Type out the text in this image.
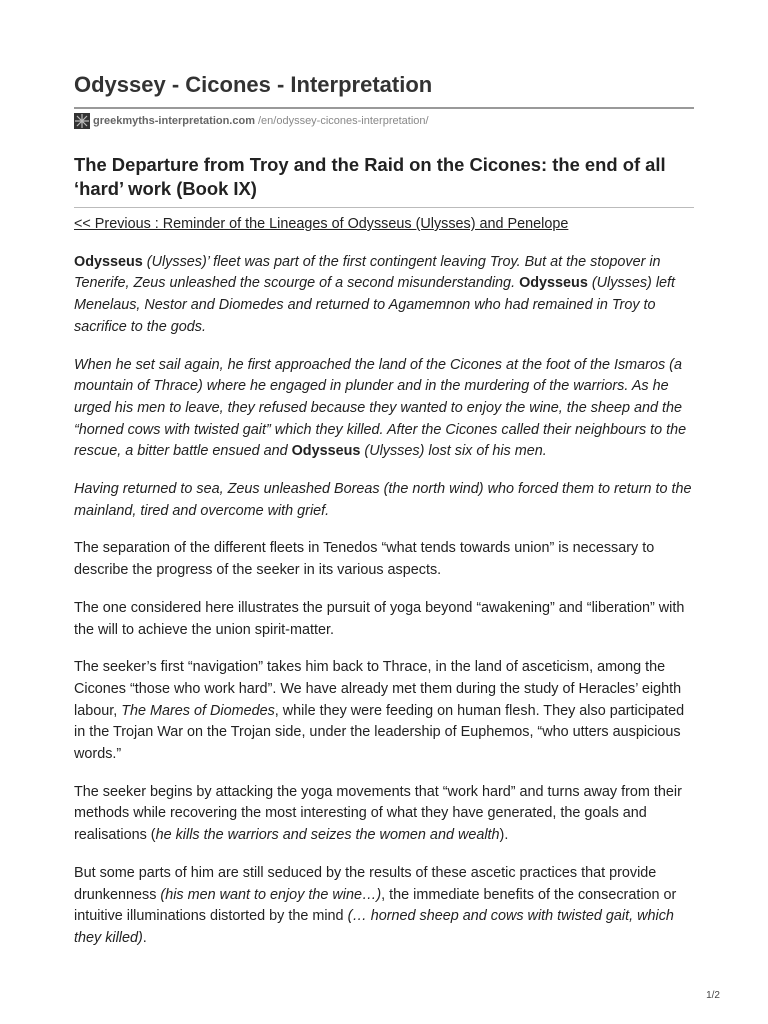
Odyssey - Cicones - Interpretation
greekmyths-interpretation.com /en/odyssey-cicones-interpretation/
The Departure from Troy and the Raid on the Cicones: the end of all ‘hard’ work (Book IX)

<< Previous : Reminder of the Lineages of Odysseus (Ulysses) and Penelope

Odysseus (Ulysses)’ fleet was part of the first contingent leaving Troy. But at the stopover in Tenerife, Zeus unleashed the scourge of a second misunderstanding. Odysseus (Ulysses) left Menelaus, Nestor and Diomedes and returned to Agamemnon who had remained in Troy to sacrifice to the gods.

When he set sail again, he first approached the land of the Cicones at the foot of the Ismaros (a mountain of Thrace) where he engaged in plunder and in the murdering of the warriors. As he urged his men to leave, they refused because they wanted to enjoy the wine, the sheep and the “horned cows with twisted gait” which they killed. After the Cicones called their neighbours to the rescue, a bitter battle ensued and Odysseus (Ulysses) lost six of his men.

Having returned to sea, Zeus unleashed Boreas (the north wind) who forced them to return to the mainland, tired and overcome with grief.

The separation of the different fleets in Tenedos “what tends towards union” is necessary to describe the progress of the seeker in its various aspects.

The one considered here illustrates the pursuit of yoga beyond “awakening” and “liberation” with the will to achieve the union spirit-matter.

The seeker’s first “navigation” takes him back to Thrace, in the land of asceticism, among the Cicones “those who work hard”. We have already met them during the study of Heracles’ eighth labour, The Mares of Diomedes, while they were feeding on human flesh. They also participated in the Trojan War on the Trojan side, under the leadership of Euphemos, “who utters auspicious words.”

The seeker begins by attacking the yoga movements that “work hard” and turns away from their methods while recovering the most interesting of what they have generated, the goals and realisations (he kills the warriors and seizes the women and wealth).

But some parts of him are still seduced by the results of these ascetic practices that provide drunkenness (his men want to enjoy the wine…), the immediate benefits of the consecration or intuitive illuminations distorted by the mind (… horned sheep and cows with twisted gait, which they killed).

1/2
